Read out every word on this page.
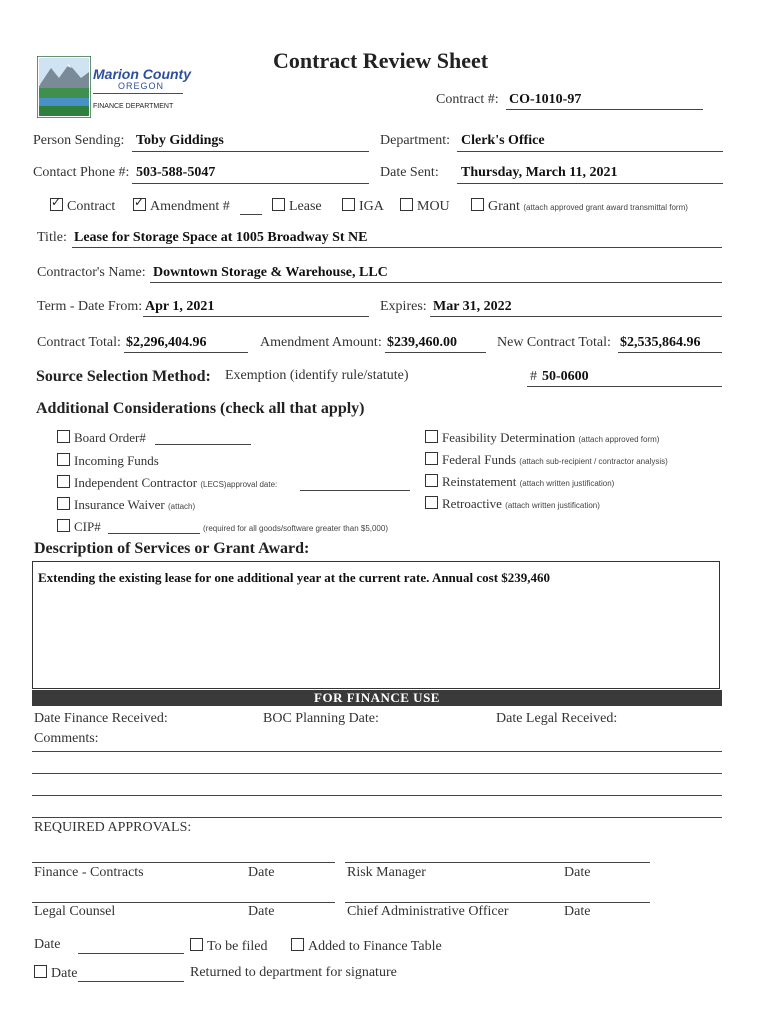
Marion County
OREGON
FINANCE DEPARTMENT
Contract Review Sheet
Contract #: CO-1010-97
Person Sending: Toby Giddings	Department: Clerk's Office
Contact Phone #: 503-588-5047	Date Sent: Thursday, March 11, 2021
✓Contract
✓	Amendment #	Lease	IGA	MOU	Grant (attach approved grant award transmittal form)
Title: Lease for Storage Space at 1005 Broadway St NE
Contractor's Name: Downtown Storage & Warehouse, LLC
Term - Date From: Apr 1, 2021	Expires: Mar 31, 2022
Contract Total: $2,296,404.96	Amendment Amount: $239,460.00	New Contract Total: $2,535,864.96
Source Selection Method: Exemption (identify rule/statute)	# 50-0600
Additional Considerations (check all that apply)
Board Order#
Incoming Funds
Independent Contractor (LECS)approval date:
Insurance Waiver (attach)
CIP#	(required for all goods/software greater than $5,000)
Feasibility Determination (attach approved form)
Federal Funds (attach sub-recipient / contractor analysis)
Reinstatement (attach written justification)
Retroactive (attach written justification)
Description of Services or Grant Award:
Extending the existing lease for one additional year at the current rate. Annual cost $239,460
FOR FINANCE USE
Date Finance Received:	BOC Planning Date:	Date Legal Received:
Comments:
REQUIRED APPROVALS:
Finance - Contracts	Date	Risk Manager	Date
Legal Counsel	Date	Chief Administrative Officer	Date
Date	To be filed	Added to Finance Table
Date	Returned to department for signature
